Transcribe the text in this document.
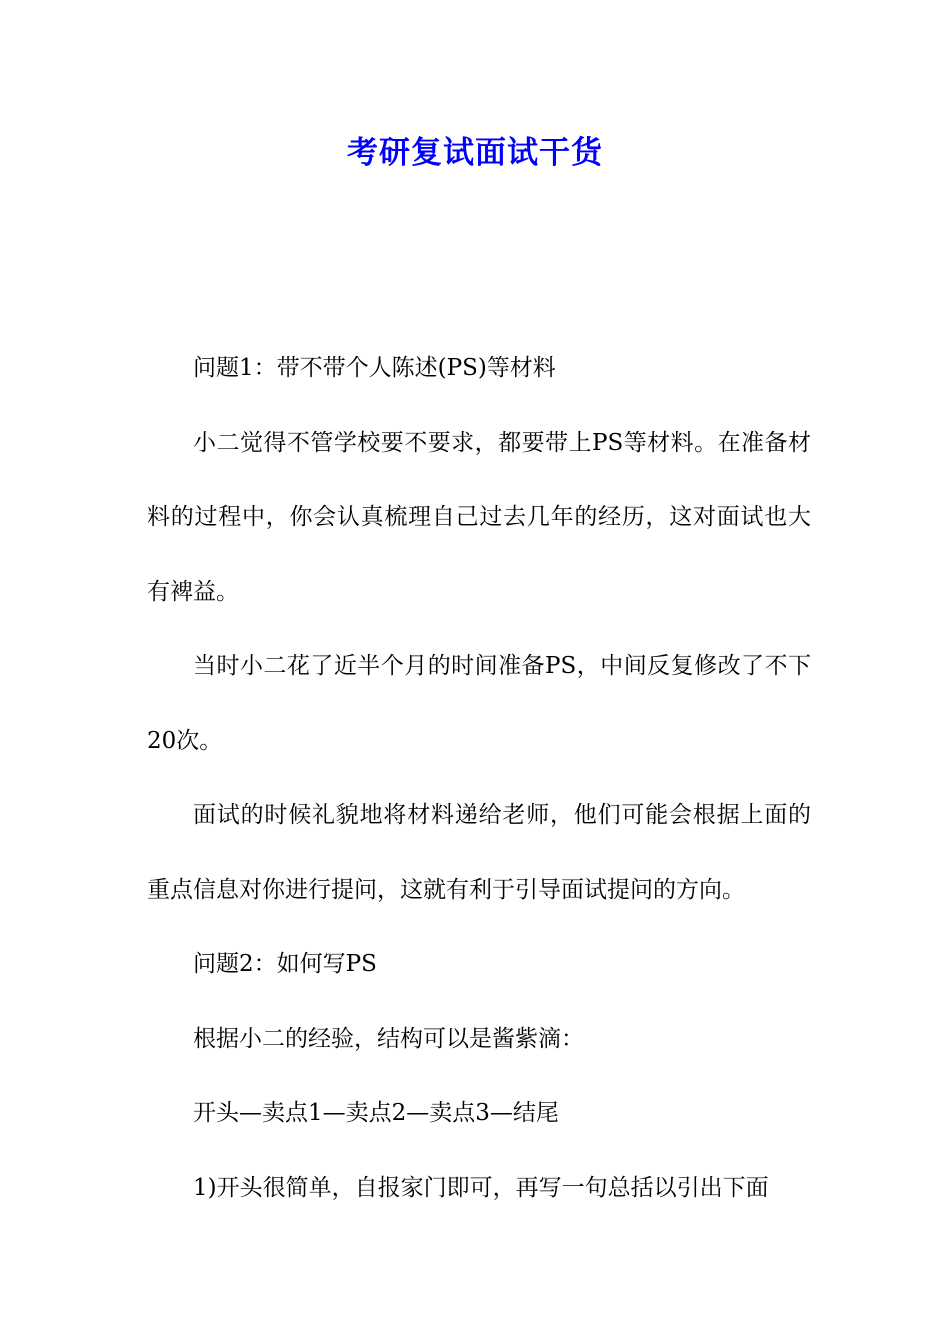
考研复试面试干货

问题1：带不带个人陈述(PS)等材料

小二觉得不管学校要不要求，都要带上PS等材料。在准备材料的过程中，你会认真梳理自己过去几年的经历，这对面试也大有裨益。

当时小二花了近半个月的时间准备PS，中间反复修改了不下20次。

面试的时候礼貌地将材料递给老师，他们可能会根据上面的重点信息对你进行提问，这就有利于引导面试提问的方向。

问题2：如何写PS

根据小二的经验，结构可以是酱紫滴：

开头—卖点1—卖点2—卖点3—结尾

1)开头很简单，自报家门即可，再写一句总括以引出下面
